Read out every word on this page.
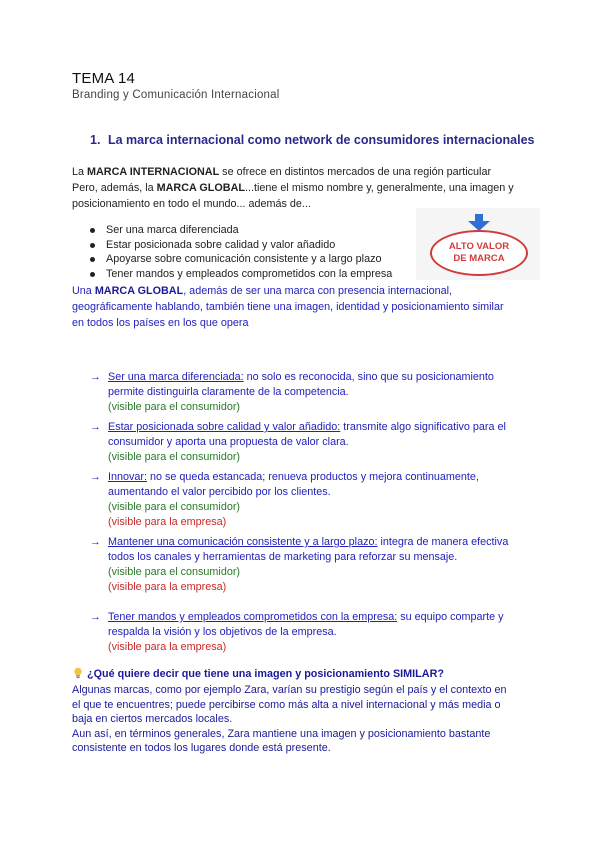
TEMA 14
Branding y Comunicación Internacional
1. La marca internacional como network de consumidores internacionales
La MARCA INTERNACIONAL se ofrece en distintos mercados de una región particular
Pero, además, la MARCA GLOBAL...tiene el mismo nombre y, generalmente, una imagen y
posicionamiento en todo el mundo... además de...
Ser una marca diferenciada
Estar posicionada sobre calidad y valor añadido
Apoyarse sobre comunicación consistente y a largo plazo
Tener mandos y empleados comprometidos con la empresa
ALTO VALOR
DE MARCA
Una MARCA GLOBAL, además de ser una marca con presencia internacional,
geográficamente hablando, también tiene una imagen, identidad y posicionamiento similar
en todos los países en los que opera
→ Ser una marca diferenciada: no solo es reconocida, sino que su posicionamiento
permite distinguirla claramente de la competencia.
(visible para el consumidor)
→ Estar posicionada sobre calidad y valor añadido: transmite algo significativo para el
consumidor y aporta una propuesta de valor clara.
(visible para el consumidor)
→ Innovar: no se queda estancada; renueva productos y mejora continuamente,
aumentando el valor percibido por los clientes.
(visible para el consumidor)
(visible para la empresa)
→ Mantener una comunicación consistente y a largo plazo: integra de manera efectiva
todos los canales y herramientas de marketing para reforzar su mensaje.
(visible para el consumidor)
(visible para la empresa)
→ Tener mandos y empleados comprometidos con la empresa: su equipo comparte y
respalda la visión y los objetivos de la empresa.
(visible para la empresa)
¿Qué quiere decir que tiene una imagen y posicionamiento SIMILAR?
Algunas marcas, como por ejemplo Zara, varían su prestigio según el país y el contexto en
el que te encuentres; puede percibirse como más alta a nivel internacional y más media o
baja en ciertos mercados locales.
Aun así, en términos generales, Zara mantiene una imagen y posicionamiento bastante
consistente en todos los lugares donde está presente.
